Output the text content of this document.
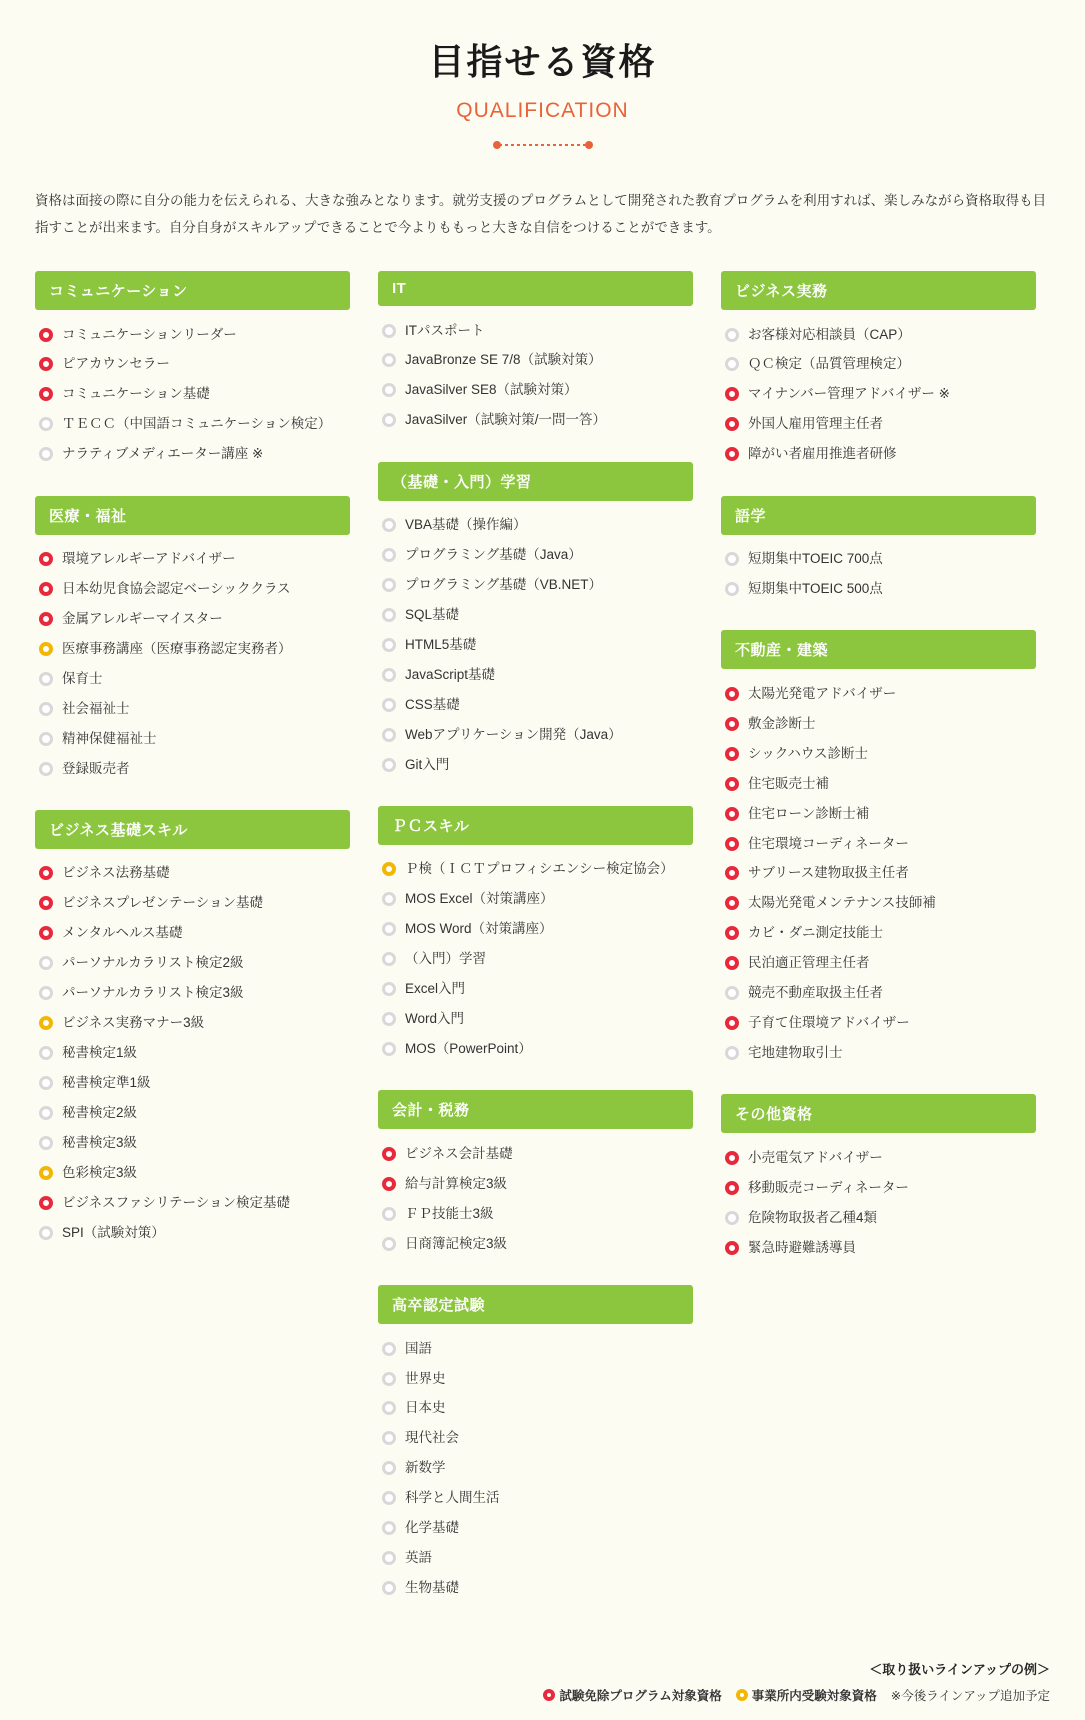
目指せる資格
QUALIFICATION

資格は面接の際に自分の能力を伝えられる、大きな強みとなります。就労支援のプログラムとして開発された教育プログラムを利用すれば、楽しみながら資格取得も目指すことが出来ます。自分自身がスキルアップできることで今よりももっと大きな自信をつけることができます。

コミュニケーション
コミュニケーションリーダー
ピアカウンセラー
コミュニケーション基礎
ＴＥＣＣ（中国語コミュニケーション検定）
ナラティブメディエーター講座 ※
医療・福祉
環境アレルギーアドバイザー
日本幼児食協会認定ベーシッククラス
金属アレルギーマイスター
医療事務講座（医療事務認定実務者）
保育士
社会福祉士
精神保健福祉士
登録販売者
ビジネス基礎スキル
ビジネス法務基礎
ビジネスプレゼンテーション基礎
メンタルヘルス基礎
パーソナルカラリスト検定2級
パーソナルカラリスト検定3級
ビジネス実務マナー3級
秘書検定1級
秘書検定準1級
秘書検定2級
秘書検定3級
色彩検定3級
ビジネスファシリテーション検定基礎
SPI（試験対策）
IT
ITパスポート
JavaBronze SE 7/8（試験対策）
JavaSilver SE8（試験対策）
JavaSilver（試験対策/一問一答）
（基礎・入門）学習
VBA基礎（操作編）
プログラミング基礎（Java）
プログラミング基礎（VB.NET）
SQL基礎
HTML5基礎
JavaScript基礎
CSS基礎
Webアプリケーション開発（Java）
Git入門
ＰＣスキル
Ｐ検（ＩＣＴプロフィシエンシー検定協会）
MOS Excel（対策講座）
MOS Word（対策講座）
（入門）学習
Excel入門
Word入門
MOS（PowerPoint）
会計・税務
ビジネス会計基礎
給与計算検定3級
ＦＰ技能士3級
日商簿記検定3級
高卒認定試験
国語
世界史
日本史
現代社会
新数学
科学と人間生活
化学基礎
英語
生物基礎
ビジネス実務
お客様対応相談員（CAP）
ＱＣ検定（品質管理検定）
マイナンバー管理アドバイザー ※
外国人雇用管理主任者
障がい者雇用推進者研修
語学
短期集中TOEIC 700点
短期集中TOEIC 500点
不動産・建築
太陽光発電アドバイザー
敷金診断士
シックハウス診断士
住宅販売士補
住宅ローン診断士補
住宅環境コーディネーター
サブリース建物取扱主任者
太陽光発電メンテナンス技師補
カビ・ダニ測定技能士
民泊適正管理主任者
競売不動産取扱主任者
子育て住環境アドバイザー
宅地建物取引士
その他資格
小売電気アドバイザー
移動販売コーディネーター
危険物取扱者乙種4類
緊急時避難誘導員
＜取り扱いラインアップの例＞
試験免除プログラム対象資格 事業所内受験対象資格 ※今後ラインアップ追加予定
